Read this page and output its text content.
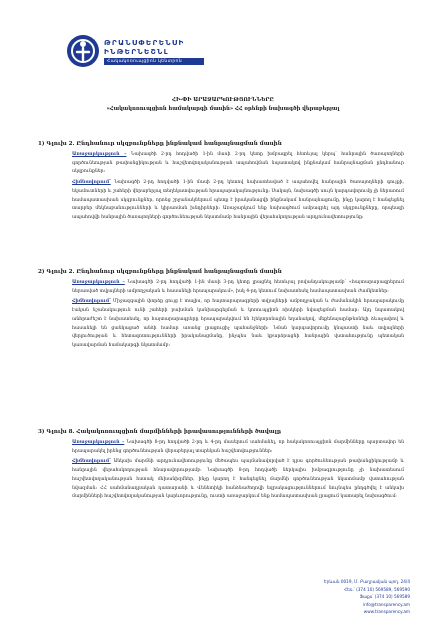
ԹՐԱՆՍՓԵՐԵՆՍԻ
ԻՆԹԵՐՆԵՇՆԼ
Հակակոռուպցիոն կենտրոն
ՀԻ-ՓԻ ԱՐԱՋԱՐԿՈՒԹՅՈՒՆՆԵՐԸ
«Հակակոռուպցիոն համակարգի մասին» ՀՀ օրենքի նախագծի վերաբերյալ
1) Գլուխ 2. Ընդհանուր սկզբունքները ինքնակամ հանրայնացման մասին
Առաջարկություն – Նախագծի 2-րդ հոդվածի 1-ին մասի 2-րդ կետը խմբագրել հետևյալ կերպ՝ հանրային ծառայողների գործունեության թափանցիկության և հաշվետվողականության ապահովման նպատակով ինքնակամ հանրայնացման ընդհանուր սկզբունքներ:
Հիմնավորում՝ Նախագծի 2-րդ հոդվածի 1-ին մասի 2-րդ կետով նախատեսված է ապահովել հանրային ծառայողների գույքի, եկամուտների և շահերի վերաբերյալ տեղեկատվության հրապարակայնությունը: Սակայն, նախագծի սույն կարգավորումը չի ներառում համապատասխան սկզբունքներ, որոնց շրջանակներում պետք է իրականացվի ինքնակամ հանրայնացումը, ինչը կարող է հանգեցնել տարբեր մեկնաբանությունների և կիրառման խնդիրների: Առաջարկում ենք նախագծում ամրագրել այդ սկզբունքները, որպեսզի ապահովվի հանրային ծառայողների գործունեության նկատմամբ հանրային վերահսկողության արդյունավետությունը:
2) Գլուխ 2. Ընդհանուր սկզբունքները ինքնակամ հանրայնացման մասին
Առաջարկություն – Նախագծի 2-րդ հոդվածի 1-ին մասի 3-րդ կետը լրացնել հետևյալ բովանդակությամբ՝ «հայտարարագրերում ներառված տվյալների ամբողջական և հասանելի հրապարակում», իսկ 4-րդ կետում նախատեսել համապատասխան ժամկետներ:
Հիմնավորում՝ Միջազգային փորձը ցույց է տալիս, որ հայտարարագրերի տվյալների ամբողջական և ժամանակին հրապարակումը էական նշանակություն ունի շահերի բախման կանխարգելման և կոռուպցիոն ռիսկերի նվազեցման համար: Այդ նպատակով անհրաժեշտ է նախատեսել, որ հայտարարագրերը հրապարակվում են էլեկտրոնային եղանակով, մեքենայաընթեռնելի ձևաչափով և հասանելի են ցանկացած անձի համար առանց լրացուցիչ պահանջների: Նման կարգավորումը կնպաստի նաև տվյալների վերլուծության և հետազոտությունների իրականացմանը, ինչպես նաև կբարձրացնի հանրային վստահությունը պետական կառավարման համակարգի նկատմամբ:
3) Գլուխ 8. Հակակոռուպցիոն մարմինների իրավասությունների ծավալը
Առաջարկություն – Նախագծի 8-րդ հոդվածի 2-րդ և 4-րդ մասերում սահմանել, որ հակակոռուպցիոն մարմինները պարտավոր են հրապարակել իրենց գործունեության վերաբերյալ տարեկան հաշվետվություններ:
Հիմնավորում՝ Անկախ մարմնի արդյունավետությունը մեծապես պայմանավորված է դրա գործունեության թափանցիկությամբ և հանրային վերահսկողության հնարավորությամբ: Նախագծի 8-րդ հոդվածի ներկայիս խմբագրությունը չի նախատեսում հաշվետվողականության հստակ մեխանիզմներ, ինչը կարող է հանգեցնել մարմնի գործունեության նկատմամբ վստահության նվազման: ՀՀ սահմանադրական դատարանի և Վենետիկի հանձնաժողովի եզրակացություններում նույնպես ընդգծվել է անկախ մարմինների հաշվետվողականության կարևորությունը, ուստի առաջարկում ենք համապատասխան լրացում կատարել նախագծում:
Երևան 0019, Մ. Բաղրամյան պող. 24/4
Հեռ.՝ (374 10) 569589, 569590
Ֆաքս՝ (374 10) 569589
info@transparency.am
www.transparency.am
